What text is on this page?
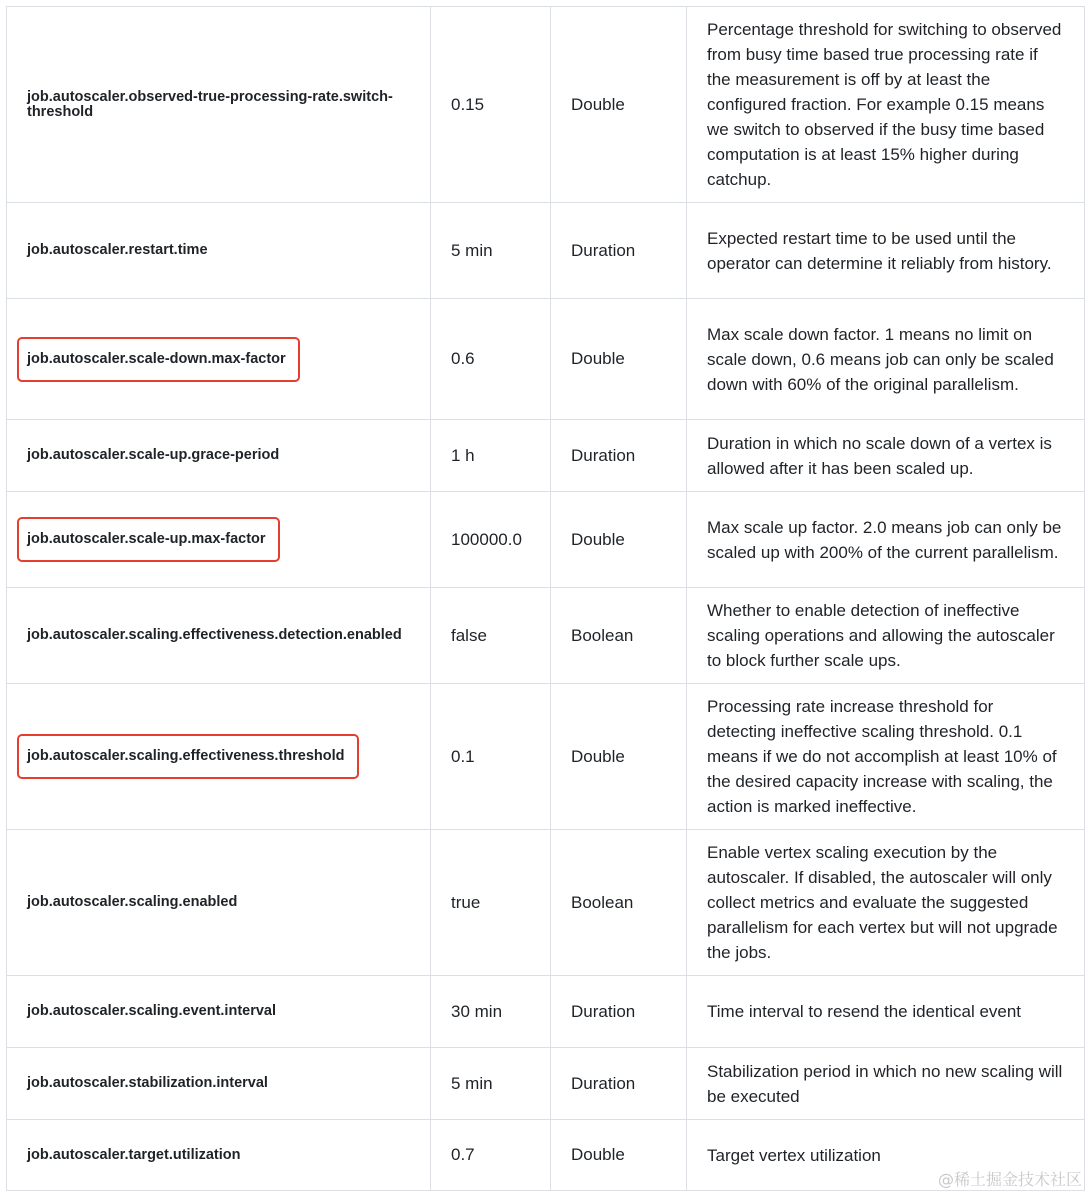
job.autoscaler.observed-true-processing-rate.switch-threshold	0.15	Double	Percentage threshold for switching to observed from busy time based true processing rate if the measurement is off by at least the configured fraction. For example 0.15 means we switch to observed if the busy time based computation is at least 15% higher during catchup.
job.autoscaler.restart.time	5 min	Duration	Expected restart time to be used until the operator can determine it reliably from history.
job.autoscaler.scale-down.max-factor	0.6	Double	Max scale down factor. 1 means no limit on scale down, 0.6 means job can only be scaled down with 60% of the original parallelism.
job.autoscaler.scale-up.grace-period	1 h	Duration	Duration in which no scale down of a vertex is allowed after it has been scaled up.
job.autoscaler.scale-up.max-factor	100000.0	Double	Max scale up factor. 2.0 means job can only be scaled up with 200% of the current parallelism.
job.autoscaler.scaling.effectiveness.detection.enabled	false	Boolean	Whether to enable detection of ineffective scaling operations and allowing the autoscaler to block further scale ups.
job.autoscaler.scaling.effectiveness.threshold	0.1	Double	Processing rate increase threshold for detecting ineffective scaling threshold. 0.1 means if we do not accomplish at least 10% of the desired capacity increase with scaling, the action is marked ineffective.
job.autoscaler.scaling.enabled	true	Boolean	Enable vertex scaling execution by the autoscaler. If disabled, the autoscaler will only collect metrics and evaluate the suggested parallelism for each vertex but will not upgrade the jobs.
job.autoscaler.scaling.event.interval	30 min	Duration	Time interval to resend the identical event
job.autoscaler.stabilization.interval	5 min	Duration	Stabilization period in which no new scaling will be executed
job.autoscaler.target.utilization	0.7	Double	Target vertex utilization
@稀土掘金技术社区
